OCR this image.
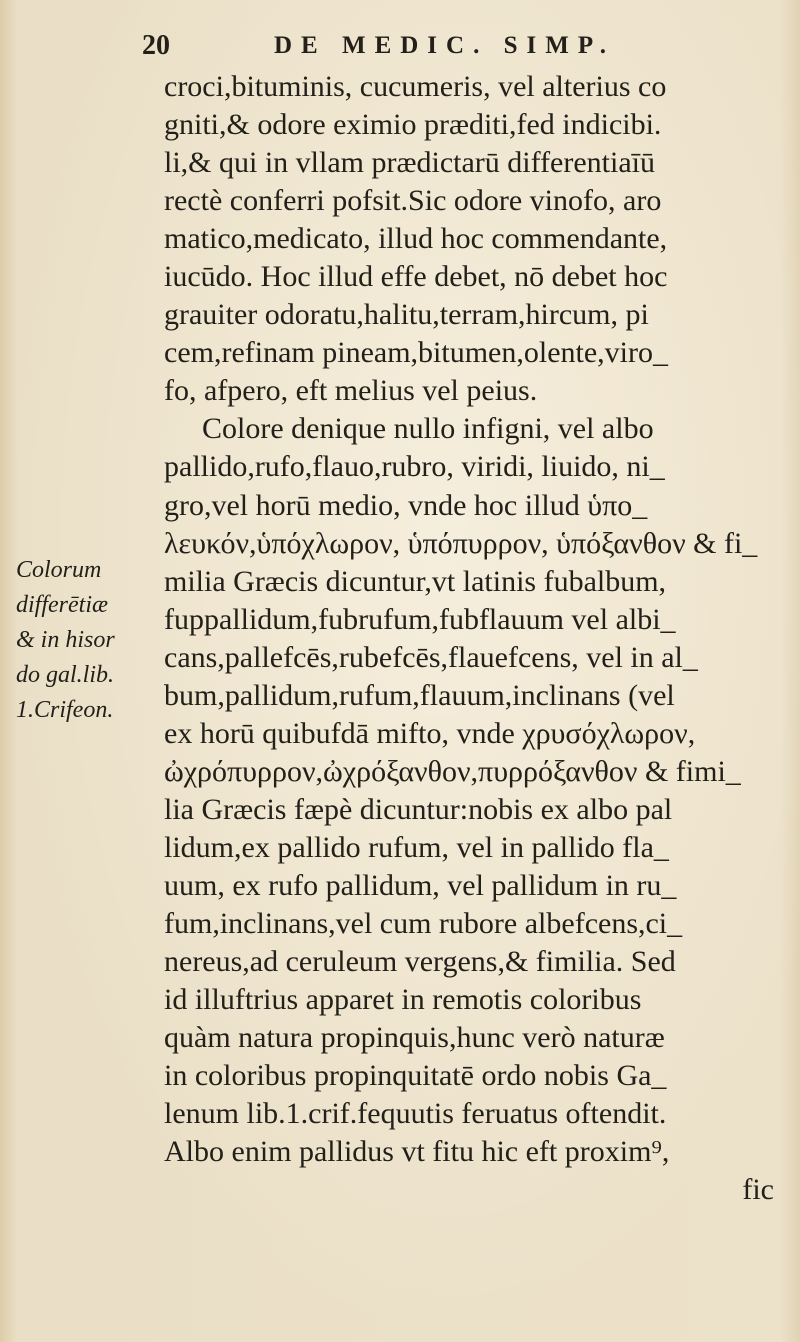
20	DE MEDIC. SIMP.
Colorum
differētiæ
& in hisor
do gal.lib.
1.Crifeon.
croci,bituminis, cucumeris, vel alterius co
gniti,& odore eximio præditi,fed indicibi.
li,& qui in vllam prædictarū differentiaīū
rectè conferri pofsit.Sic odore vinofo, aro
matico,medicato, illud hoc commendante,
iucūdo. Hoc illud effe debet, nō debet hoc
grauiter odoratu,halitu,terram,hircum, pi
cem,refinam pineam,bitumen,olente,viro_
fo, afpero, eft melius vel peius.
Colore denique nullo infigni, vel albo
pallido,rufo,flauo,rubro, viridi, liuido, ni_
gro,vel horū medio, vnde hoc illud ὑπο_
λευκόν,ὑπόχλωρον, ὑπόπυρρον, ὑπόξανθον & fi_
milia Græcis dicuntur,vt latinis fubalbum,
fuppallidum,fubrufum,fubflauum vel albi_
cans,pallefcēs,rubefcēs,flauefcens, vel in al_
bum,pallidum,rufum,flauum,inclinans (vel
ex horū quibufdā mifto, vnde χρυσόχλωρον,
ὠχρόπυρρον,ὠχρόξανθον,πυρρόξανθον & fimi_
lia Græcis fæpè dicuntur:nobis ex albo pal
lidum,ex pallido rufum, vel in pallido fla_
uum, ex rufo pallidum, vel pallidum in ru_
fum,inclinans,vel cum rubore albefcens,ci_
nereus,ad ceruleum vergens,& fimilia. Sed
id illuftrius apparet in remotis coloribus
quàm natura propinquis,hunc verò naturæ
in coloribus propinquitatē ordo nobis Ga_
lenum lib.1.crif.fequutis feruatus oftendit.
Albo enim pallidus vt fitu hic eft proxim⁹,
fic
